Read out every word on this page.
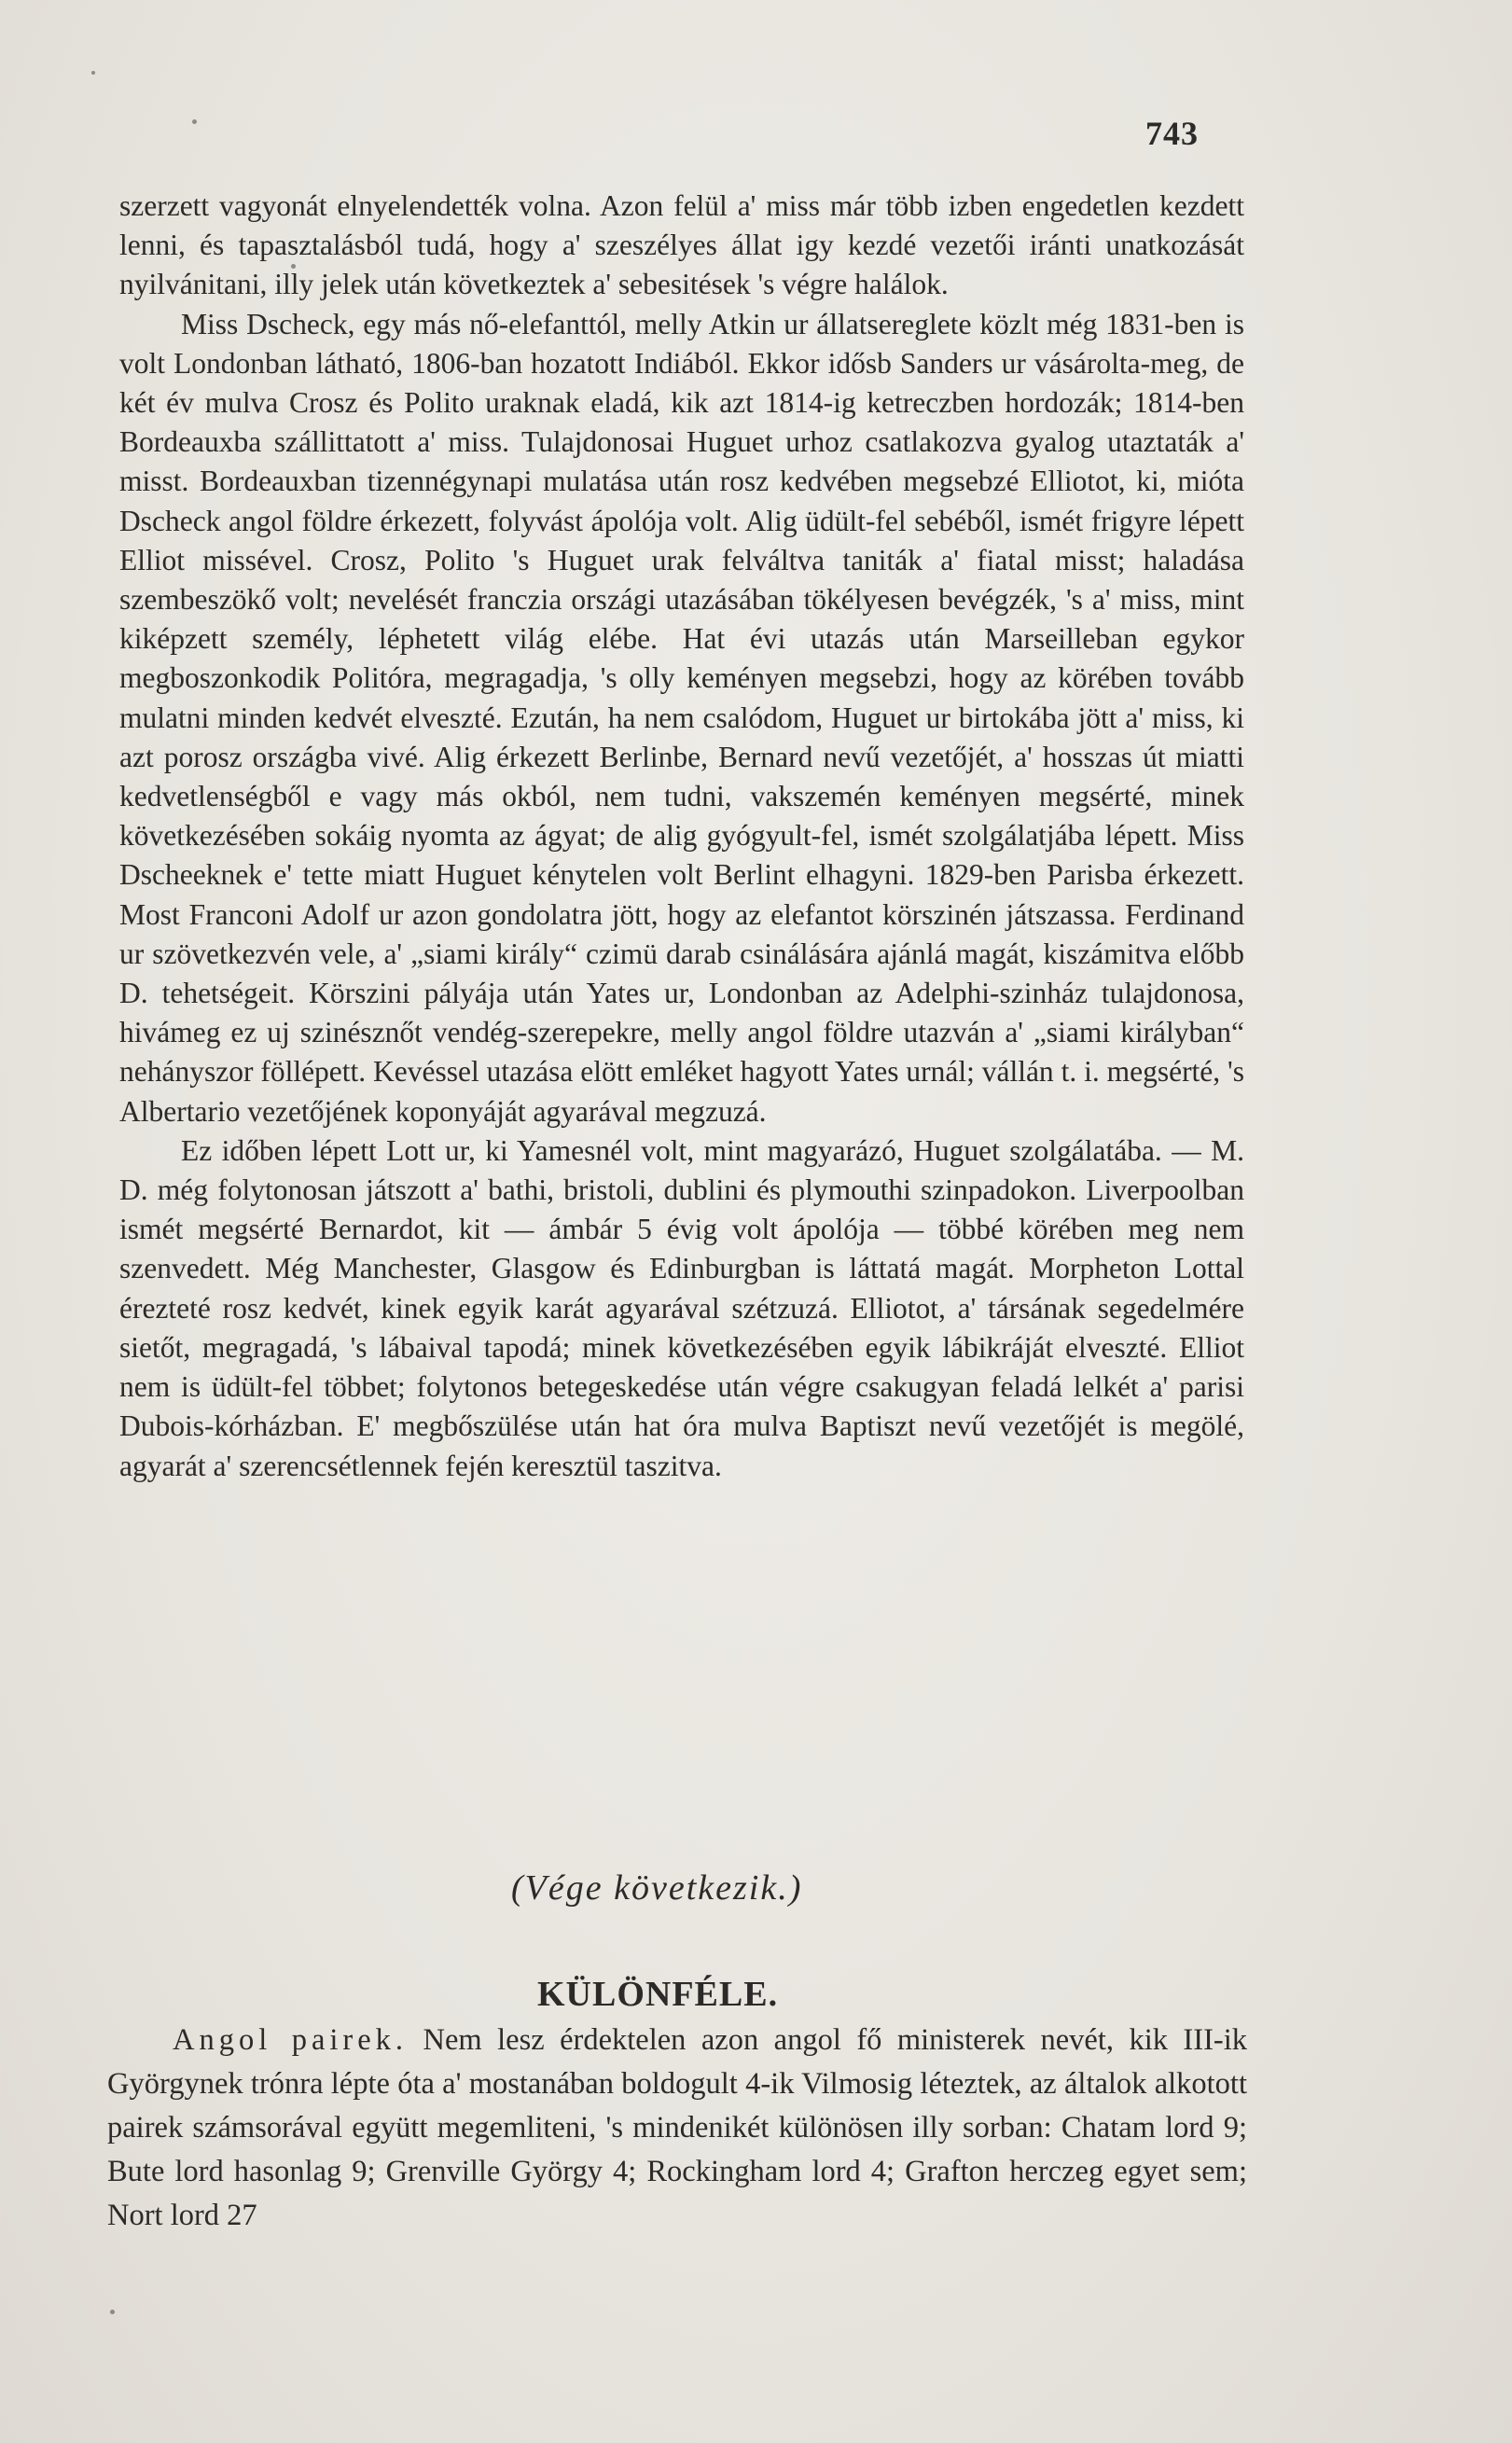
743

szerzett vagyonát elnyelendették volna. Azon felül a' miss már több izben engedetlen kezdett lenni, és tapasztalásból tudá, hogy a' szeszélyes állat igy kezdé vezetői iránti unatkozását nyilvánitani, illy jelek után következtek a' sebesitések 's végre halálok.

Miss Dscheck, egy más nő-elefanttól, melly Atkin ur állatsereglete közlt még 1831-ben is volt Londonban látható, 1806-ban hozatott Indiából. Ekkor idősb Sanders ur vásárolta-meg, de két év mulva Crosz és Polito uraknak eladá, kik azt 1814-ig ketreczben hordozák; 1814-ben Bordeauxba szállittatott a' miss. Tulajdonosai Huguet urhoz csatlakozva gyalog utaztaták a' misst. Bordeauxban tizennégynapi mulatása után rosz kedvében megsebzé Elliotot, ki, mióta Dscheck angol földre érkezett, folyvást ápolója volt. Alig üdült-fel sebéből, ismét frigyre lépett Elliot missével. Crosz, Polito 's Huguet urak felváltva taniták a' fiatal misst; haladása szembeszökő volt; nevelését franczia országi utazásában tökélyesen bevégzék, 's a' miss, mint kiképzett személy, léphetett világ elébe. Hat évi utazás után Marseilleban egykor megboszonkodik Politóra, megragadja, 's olly keményen megsebzi, hogy az körében tovább mulatni minden kedvét elveszté. Ezután, ha nem csalódom, Huguet ur birtokába jött a' miss, ki azt porosz országba vivé. Alig érkezett Berlinbe, Bernard nevű vezetőjét, a' hosszas út miatti kedvetlenségből e vagy más okból, nem tudni, vakszemén keményen megsérté, minek következésében sokáig nyomta az ágyat; de alig gyógyult-fel, ismét szolgálatjába lépett. Miss Dscheeknek e' tette miatt Huguet kénytelen volt Berlint elhagyni. 1829-ben Parisba érkezett. Most Franconi Adolf ur azon gondolatra jött, hogy az elefantot körszinén játszassa. Ferdinand ur szövetkezvén vele, a' „siami király“ czimü darab csinálására ajánlá magát, kiszámitva előbb D. tehetségeit. Körszini pályája után Yates ur, Londonban az Adelphi-szinház tulajdonosa, hivámeg ez uj szinésznőt vendég-szerepekre, melly angol földre utazván a' „siami királyban“ nehányszor föllépett. Kevéssel utazása elött emléket hagyott Yates urnál; vállán t. i. megsérté, 's Albertario vezetőjének koponyáját agyarával megzuzá.

Ez időben lépett Lott ur, ki Yamesnél volt, mint magyarázó, Huguet szolgálatába. — M. D. még folytonosan játszott a' bathi, bristoli, dublini és plymouthi szinpadokon. Liverpoolban ismét megsérté Bernardot, kit — ámbár 5 évig volt ápolója — többé körében meg nem szenvedett. Még Manchester, Glasgow és Edinburgban is láttatá magát. Morpheton Lottal érezteté rosz kedvét, kinek egyik karát agyarával szétzuzá. Elliotot, a' társának segedelmére sietőt, megragadá, 's lábaival tapodá; minek következésében egyik lábikráját elveszté. Elliot nem is üdült-fel többet; folytonos betegeskedése után végre csakugyan feladá lelkét a' parisi Dubois-kórházban. E' megbőszülése után hat óra mulva Baptiszt nevű vezetőjét is megölé, agyarát a' szerencsétlennek fején keresztül taszitva.

(Vége következik.)
KÜLÖNFÉLE.

Angol pairek. Nem lesz érdektelen azon angol fő ministerek nevét, kik III-ik Györgynek trónra lépte óta a' mostanában boldogult 4-ik Vilmosig léteztek, az általok alkotott pairek számsorával együtt megemliteni, 's mindenikét különösen illy sorban: Chatam lord 9; Bute lord hasonlag 9; Grenville György 4; Rockingham lord 4; Grafton herczeg egyet sem; Nort lord 27
